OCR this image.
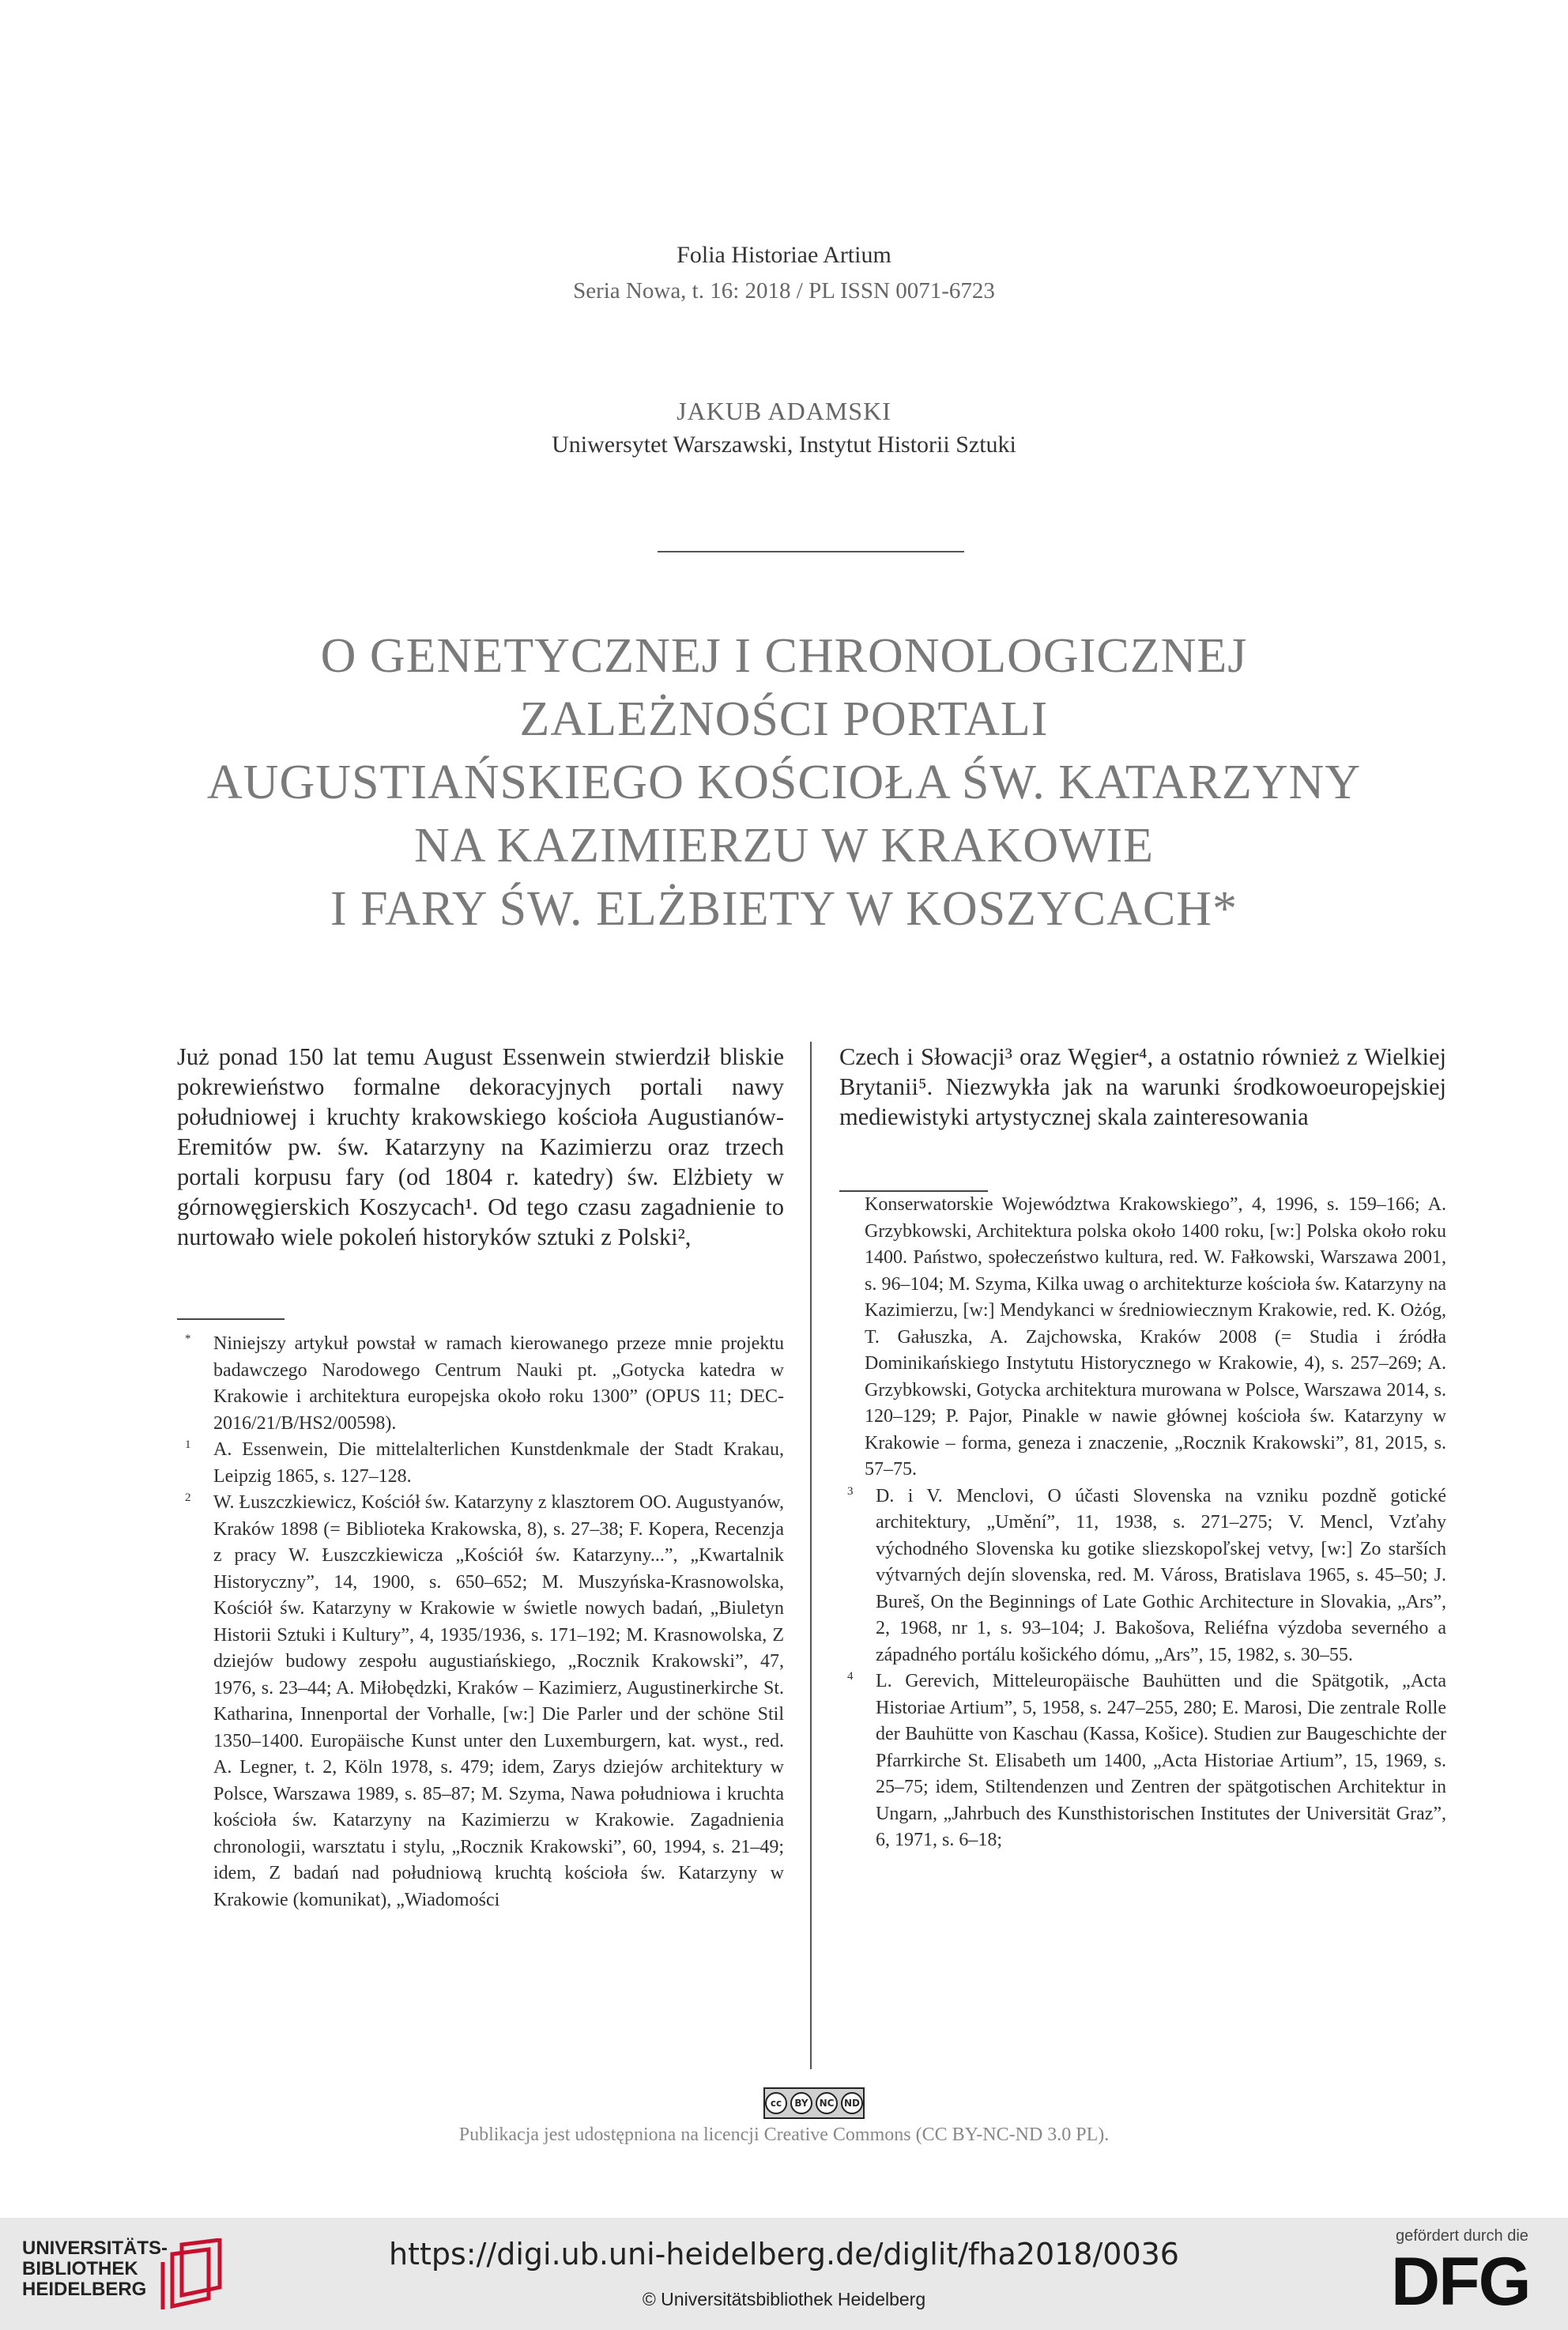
Folia Historiae Artium
Seria Nowa, t. 16: 2018 / PL ISSN 0071-6723
JAKUB ADAMSKI
Uniwersytet Warszawski, Instytut Historii Sztuki
O GENETYCZNEJ I CHRONOLOGICZNEJ
ZALEŻNOŚCI PORTALI
AUGUSTIAŃSKIEGO KOŚCIOŁA ŚW. KATARZYNY
NA KAZIMIERZU W KRAKOWIE
I FARY ŚW. ELŻBIETY W KOSZYCACH*
Już ponad 150 lat temu August Essenwein stwierdził bliskie pokrewieństwo formalne dekoracyjnych portali nawy południowej i kruchty krakowskiego kościoła Augustianów-Eremitów pw. św. Katarzyny na Kazimierzu oraz trzech portali korpusu fary (od 1804 r. katedry) św. Elżbiety w górnowęgierskich Koszycach¹. Od tego czasu zagadnienie to nurtowało wiele pokoleń historyków sztuki z Polski²,
Czech i Słowacji³ oraz Węgier⁴, a ostatnio również z Wielkiej Brytanii⁵. Niezwykła jak na warunki środkowoeuropejskiej mediewistyki artystycznej skala zainteresowania
* Niniejszy artykuł powstał w ramach kierowanego przeze mnie projektu badawczego Narodowego Centrum Nauki pt. „Gotycka katedra w Krakowie i architektura europejska około roku 1300” (OPUS 11; DEC-2016/21/B/HS2/00598).
1 A. Essenwein, Die mittelalterlichen Kunstdenkmale der Stadt Krakau, Leipzig 1865, s. 127–128.
2 W. Łuszczkiewicz, Kościół św. Katarzyny z klasztorem OO. Augustyanów, Kraków 1898 (= Biblioteka Krakowska, 8), s. 27–38; F. Kopera, Recenzja z pracy W. Łuszczkiewicza „Kościół św. Katarzyny...”, „Kwartalnik Historyczny”, 14, 1900, s. 650–652; M. Muszyńska-Krasnowolska, Kościół św. Katarzyny w Krakowie w świetle nowych badań, „Biuletyn Historii Sztuki i Kultury”, 4, 1935/1936, s. 171–192; M. Krasnowolska, Z dziejów budowy zespołu augustiańskiego, „Rocznik Krakowski”, 47, 1976, s. 23–44; A. Miłobędzki, Kraków – Kazimierz, Augustinerkirche St. Katharina, Innenportal der Vorhalle, [w:] Die Parler und der schöne Stil 1350–1400. Europäische Kunst unter den Luxemburgern, kat. wyst., red. A. Legner, t. 2, Köln 1978, s. 479; idem, Zarys dziejów architektury w Polsce, Warszawa 1989, s. 85–87; M. Szyma, Nawa południowa i kruchta kościoła św. Katarzyny na Kazimierzu w Krakowie. Zagadnienia chronologii, warsztatu i stylu, „Rocznik Krakowski”, 60, 1994, s. 21–49; idem, Z badań nad południową kruchtą kościoła św. Katarzyny w Krakowie (komunikat), „Wiadomości
Konserwatorskie Województwa Krakowskiego”, 4, 1996, s. 159–166; A. Grzybkowski, Architektura polska około 1400 roku, [w:] Polska około roku 1400. Państwo, społeczeństwo kultura, red. W. Fałkowski, Warszawa 2001, s. 96–104; M. Szyma, Kilka uwag o architekturze kościoła św. Katarzyny na Kazimierzu, [w:] Mendykanci w średniowiecznym Krakowie, red. K. Ożóg, T. Gałuszka, A. Zajchowska, Kraków 2008 (= Studia i źródła Dominikańskiego Instytutu Historycznego w Krakowie, 4), s. 257–269; A. Grzybkowski, Gotycka architektura murowana w Polsce, Warszawa 2014, s. 120–129; P. Pajor, Pinakle w nawie głównej kościoła św. Katarzyny w Krakowie – forma, geneza i znaczenie, „Rocznik Krakowski”, 81, 2015, s. 57–75.
3 D. i V. Menclovi, O účasti Slovenska na vzniku pozdně gotické architektury, „Umění”, 11, 1938, s. 271–275; V. Mencl, Vzťahy východného Slovenska ku gotike sliezskopoľskej vetvy, [w:] Zo starších výtvarných dejín slovenska, red. M. Váross, Bratislava 1965, s. 45–50; J. Bureš, On the Beginnings of Late Gothic Architecture in Slovakia, „Ars”, 2, 1968, nr 1, s. 93–104; J. Bakošova, Reliéfna výzdoba severného a západného portálu košického dómu, „Ars”, 15, 1982, s. 30–55.
4 L. Gerevich, Mitteleuropäische Bauhütten und die Spätgotik, „Acta Historiae Artium”, 5, 1958, s. 247–255, 280; E. Marosi, Die zentrale Rolle der Bauhütte von Kaschau (Kassa, Košice). Studien zur Baugeschichte der Pfarrkirche St. Elisabeth um 1400, „Acta Historiae Artium”, 15, 1969, s. 25–75; idem, Stiltendenzen und Zentren der spätgotischen Architektur in Ungarn, „Jahrbuch des Kunsthistorischen Institutes der Universität Graz”, 6, 1971, s. 6–18;
cc	BY	NC	ND
Publikacja jest udostępniona na licencji Creative Commons (CC BY-NC-ND 3.0 PL).
UNIVERSITÄTS-
BIBLIOTHEK
HEIDELBERG
https://digi.ub.uni-heidelberg.de/diglit/fha2018/0036
© Universitätsbibliothek Heidelberg
gefördert durch die
DFG
